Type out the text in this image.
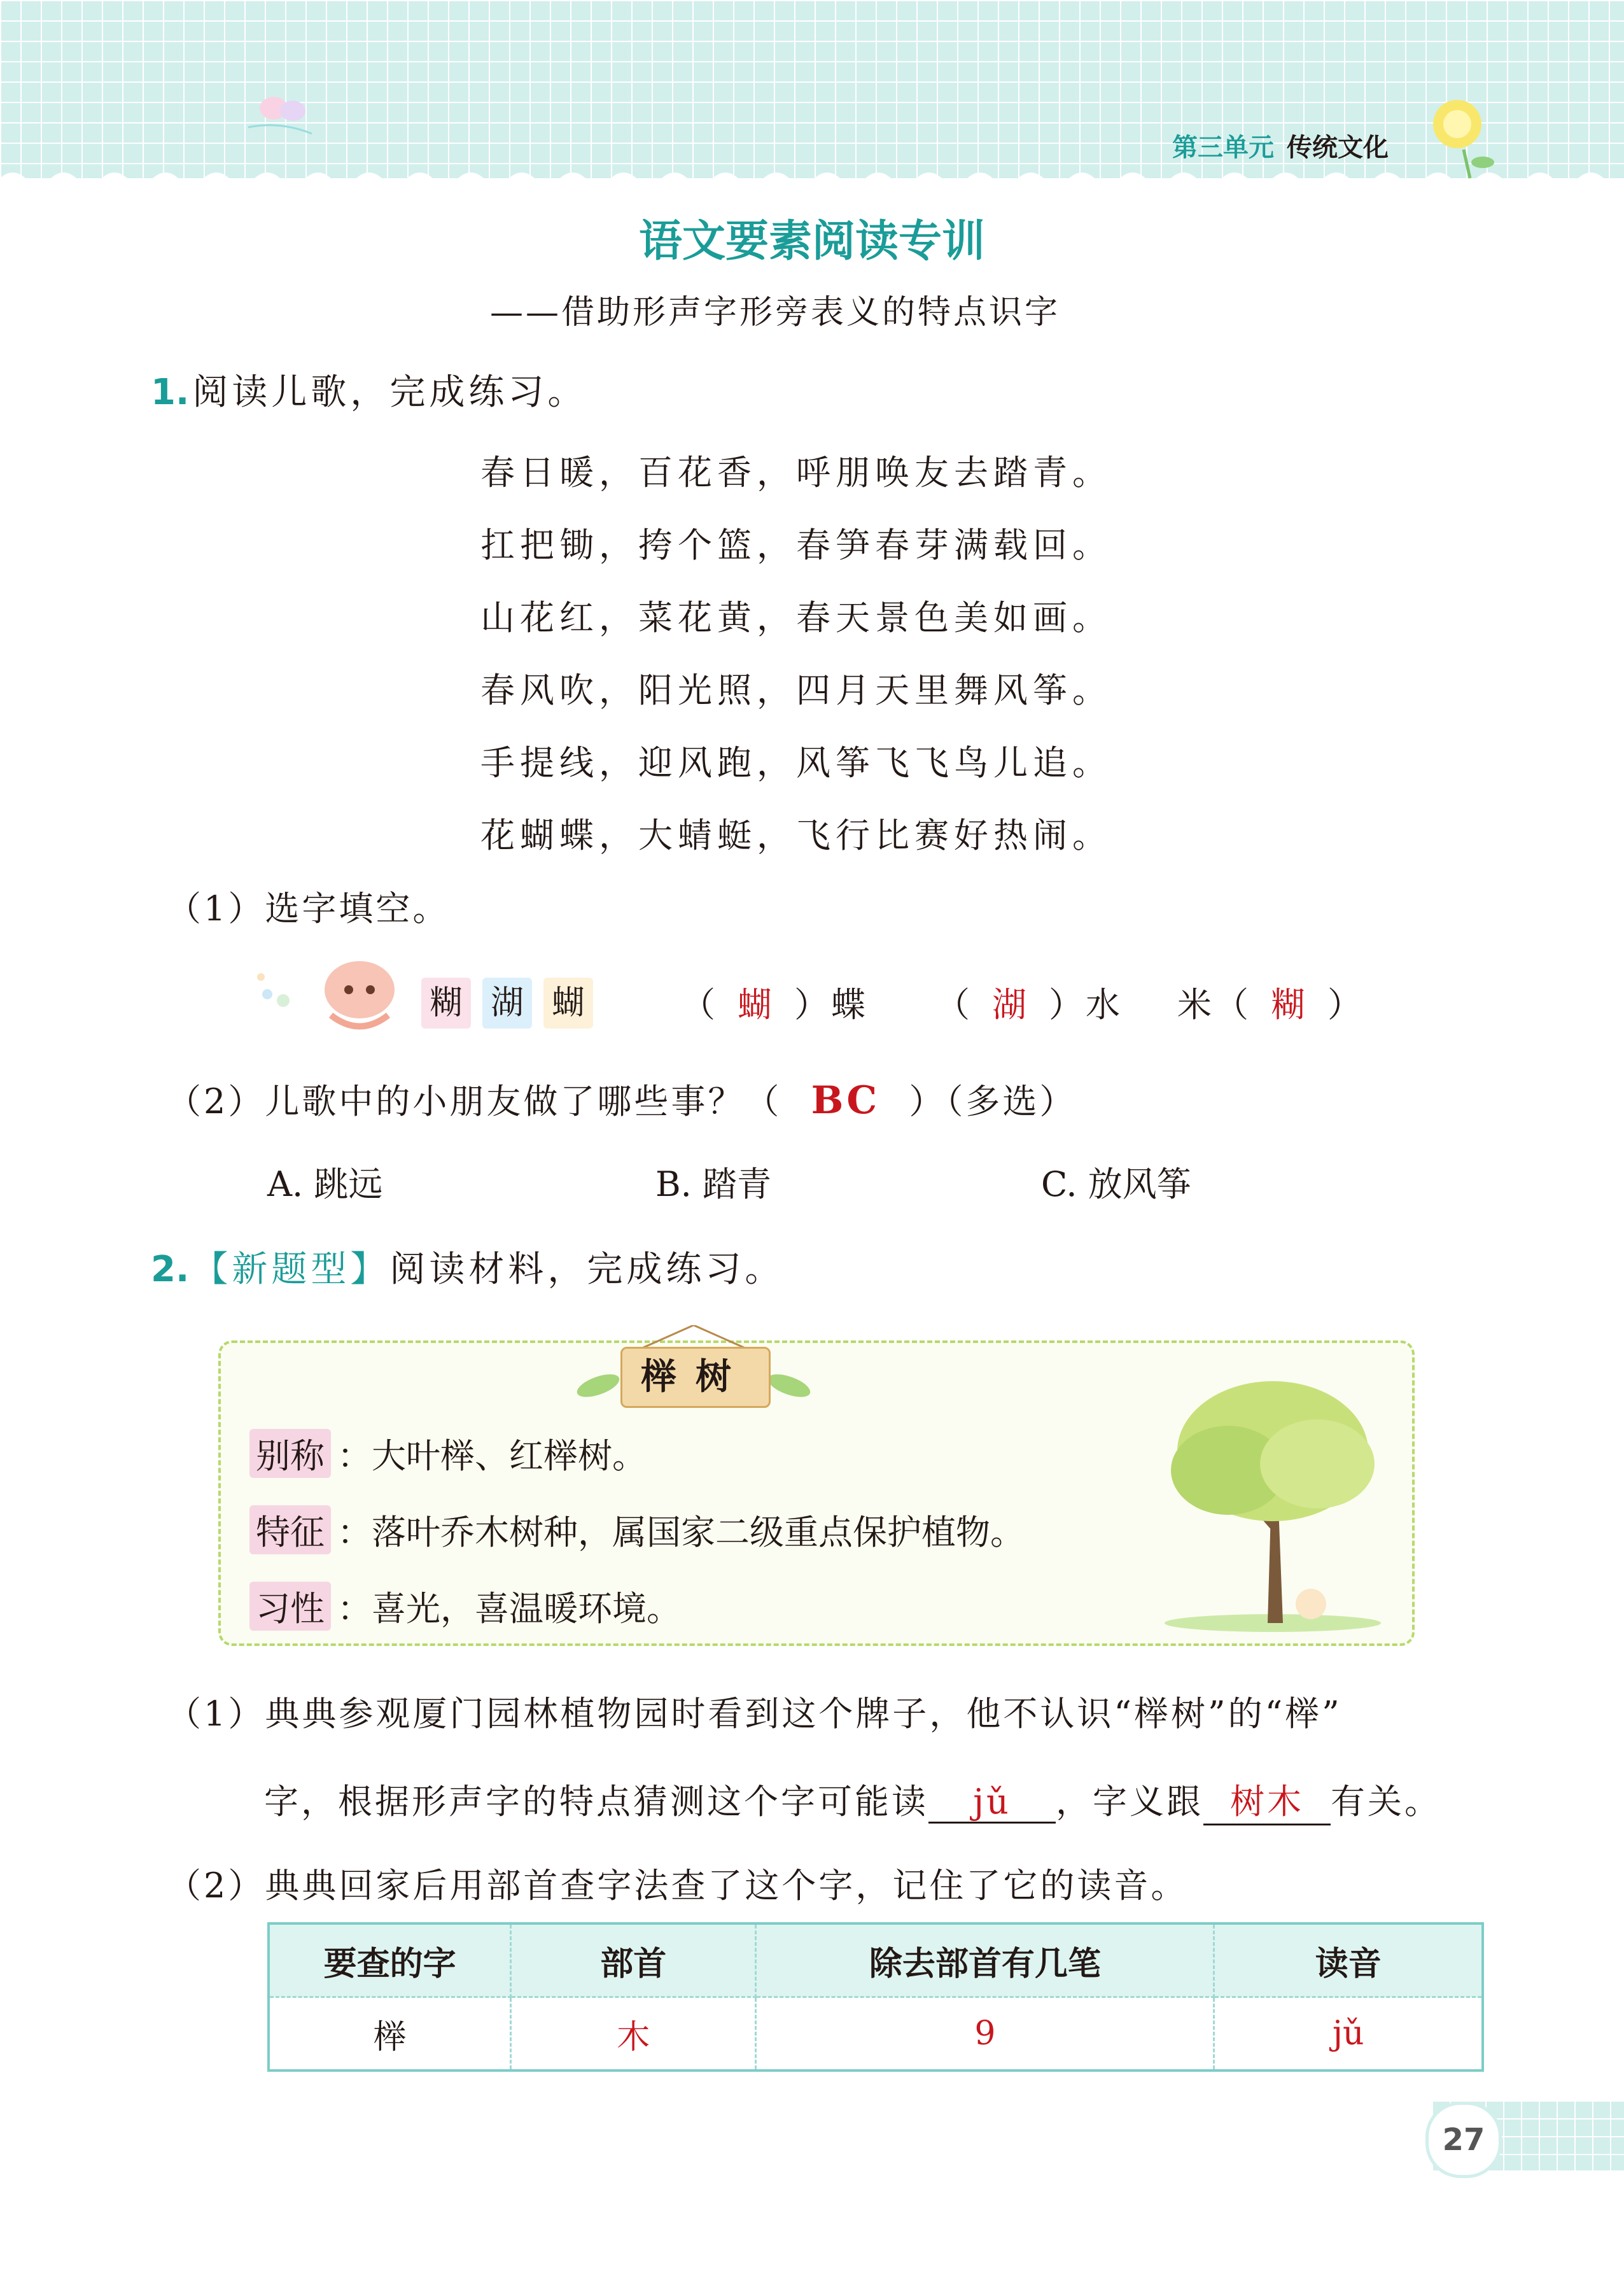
第三单元 传统文化
语文要素阅读专训
——借助形声字形旁表义的特点识字
1. 阅读儿歌，完成练习。
春日暖，百花香，呼朋唤友去踏青。
扛把锄，挎个篮，春笋春芽满载回。
山花红，菜花黄，春天景色美如画。
春风吹，阳光照，四月天里舞风筝。
手提线，迎风跑，风筝飞飞鸟儿追。
花蝴蝶，大蜻蜓，飞行比赛好热闹。
（1）选字填空。
糊 湖 蝴	（ 蝴 ）蝶 （ 湖 ）水 米（ 糊 ）
（2）儿歌中的小朋友做了哪些事？（ BC ）（多选）
A. 跳远	B. 踏青	C. 放风筝
2. 【新题型】阅读材料，完成练习。
榉树
别称 ：大叶榉、红榉树。
特征 ：落叶乔木树种，属国家二级重点保护植物。
习性 ：喜光，喜温暖环境。
（1）典典参观厦门园林植物园时看到这个牌子，他不认识“榉树”的“榉”
字，根据形声字的特点猜测这个字可能读 jǔ ，字义跟 树木 有关。
（2）典典回家后用部首查字法查了这个字，记住了它的读音。
要查的字	部首	除去部首有几笔	读音
榉	木	9	jǔ
27
